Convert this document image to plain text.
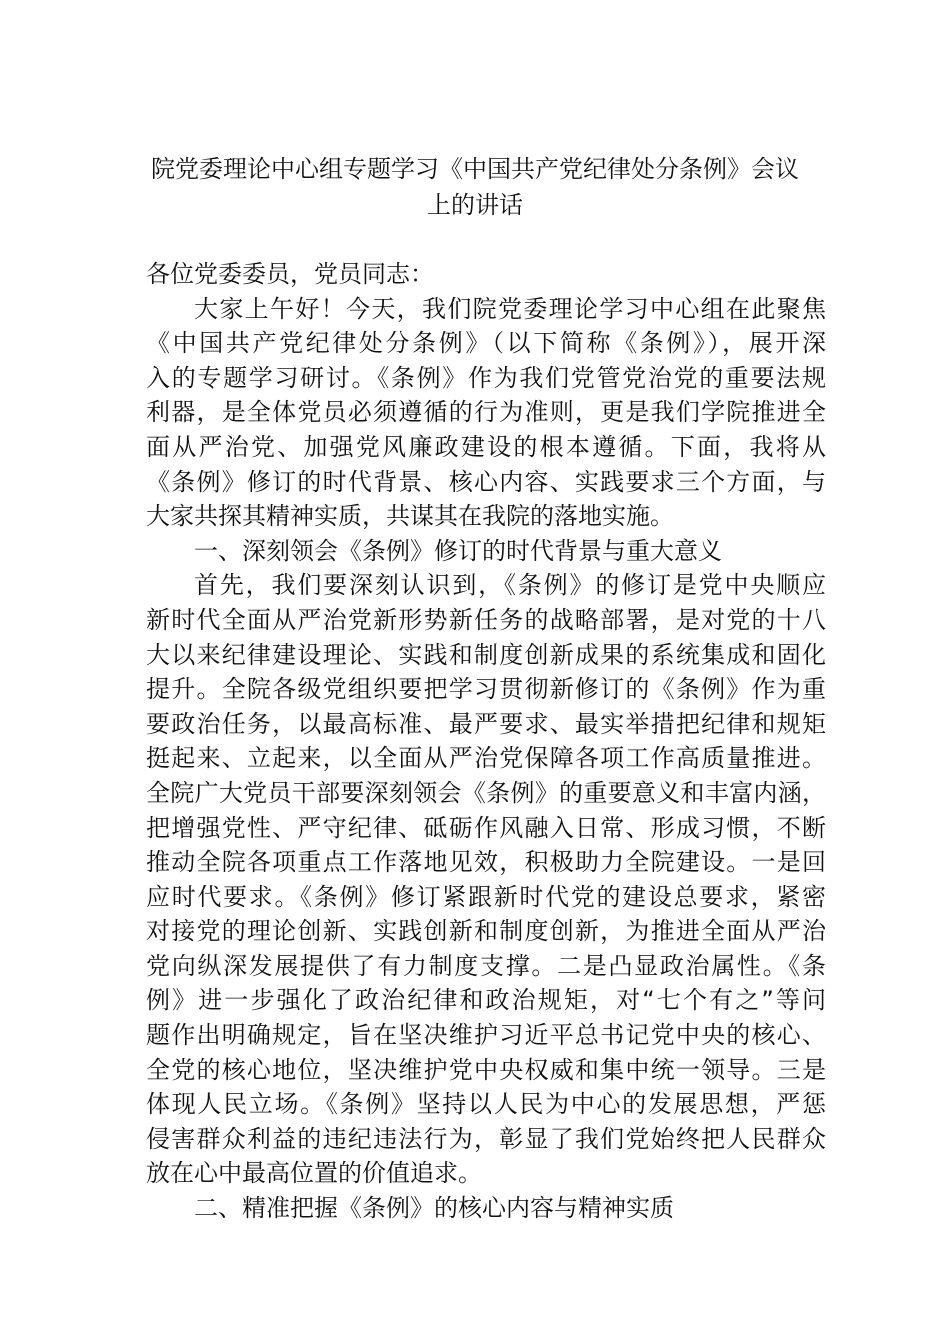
院党委理论中心组专题学习《中国共产党纪律处分条例》会议
上的讲话
各位党委委员，党员同志：
大家上午好！今天，我们院党委理论学习中心组在此聚焦
《中国共产党纪律处分条例》（以下简称《条例》），展开深
入的专题学习研讨。《条例》作为我们党管党治党的重要法规
利器，是全体党员必须遵循的行为准则，更是我们学院推进全
面从严治党、加强党风廉政建设的根本遵循。下面，我将从
《条例》修订的时代背景、核心内容、实践要求三个方面，与
大家共探其精神实质，共谋其在我院的落地实施。
一、深刻领会《条例》修订的时代背景与重大意义
首先，我们要深刻认识到，《条例》的修订是党中央顺应
新时代全面从严治党新形势新任务的战略部署，是对党的十八
大以来纪律建设理论、实践和制度创新成果的系统集成和固化
提升。全院各级党组织要把学习贯彻新修订的《条例》作为重
要政治任务，以最高标准、最严要求、最实举措把纪律和规矩
挺起来、立起来，以全面从严治党保障各项工作高质量推进。
全院广大党员干部要深刻领会《条例》的重要意义和丰富内涵，
把增强党性、严守纪律、砥砺作风融入日常、形成习惯，不断
推动全院各项重点工作落地见效，积极助力全院建设。一是回
应时代要求。《条例》修订紧跟新时代党的建设总要求，紧密
对接党的理论创新、实践创新和制度创新，为推进全面从严治
党向纵深发展提供了有力制度支撑。二是凸显政治属性。《条
例》进一步强化了政治纪律和政治规矩，对“七个有之”等问
题作出明确规定，旨在坚决维护习近平总书记党中央的核心、
全党的核心地位，坚决维护党中央权威和集中统一领导。三是
体现人民立场。《条例》坚持以人民为中心的发展思想，严惩
侵害群众利益的违纪违法行为，彰显了我们党始终把人民群众
放在心中最高位置的价值追求。
二、精准把握《条例》的核心内容与精神实质
